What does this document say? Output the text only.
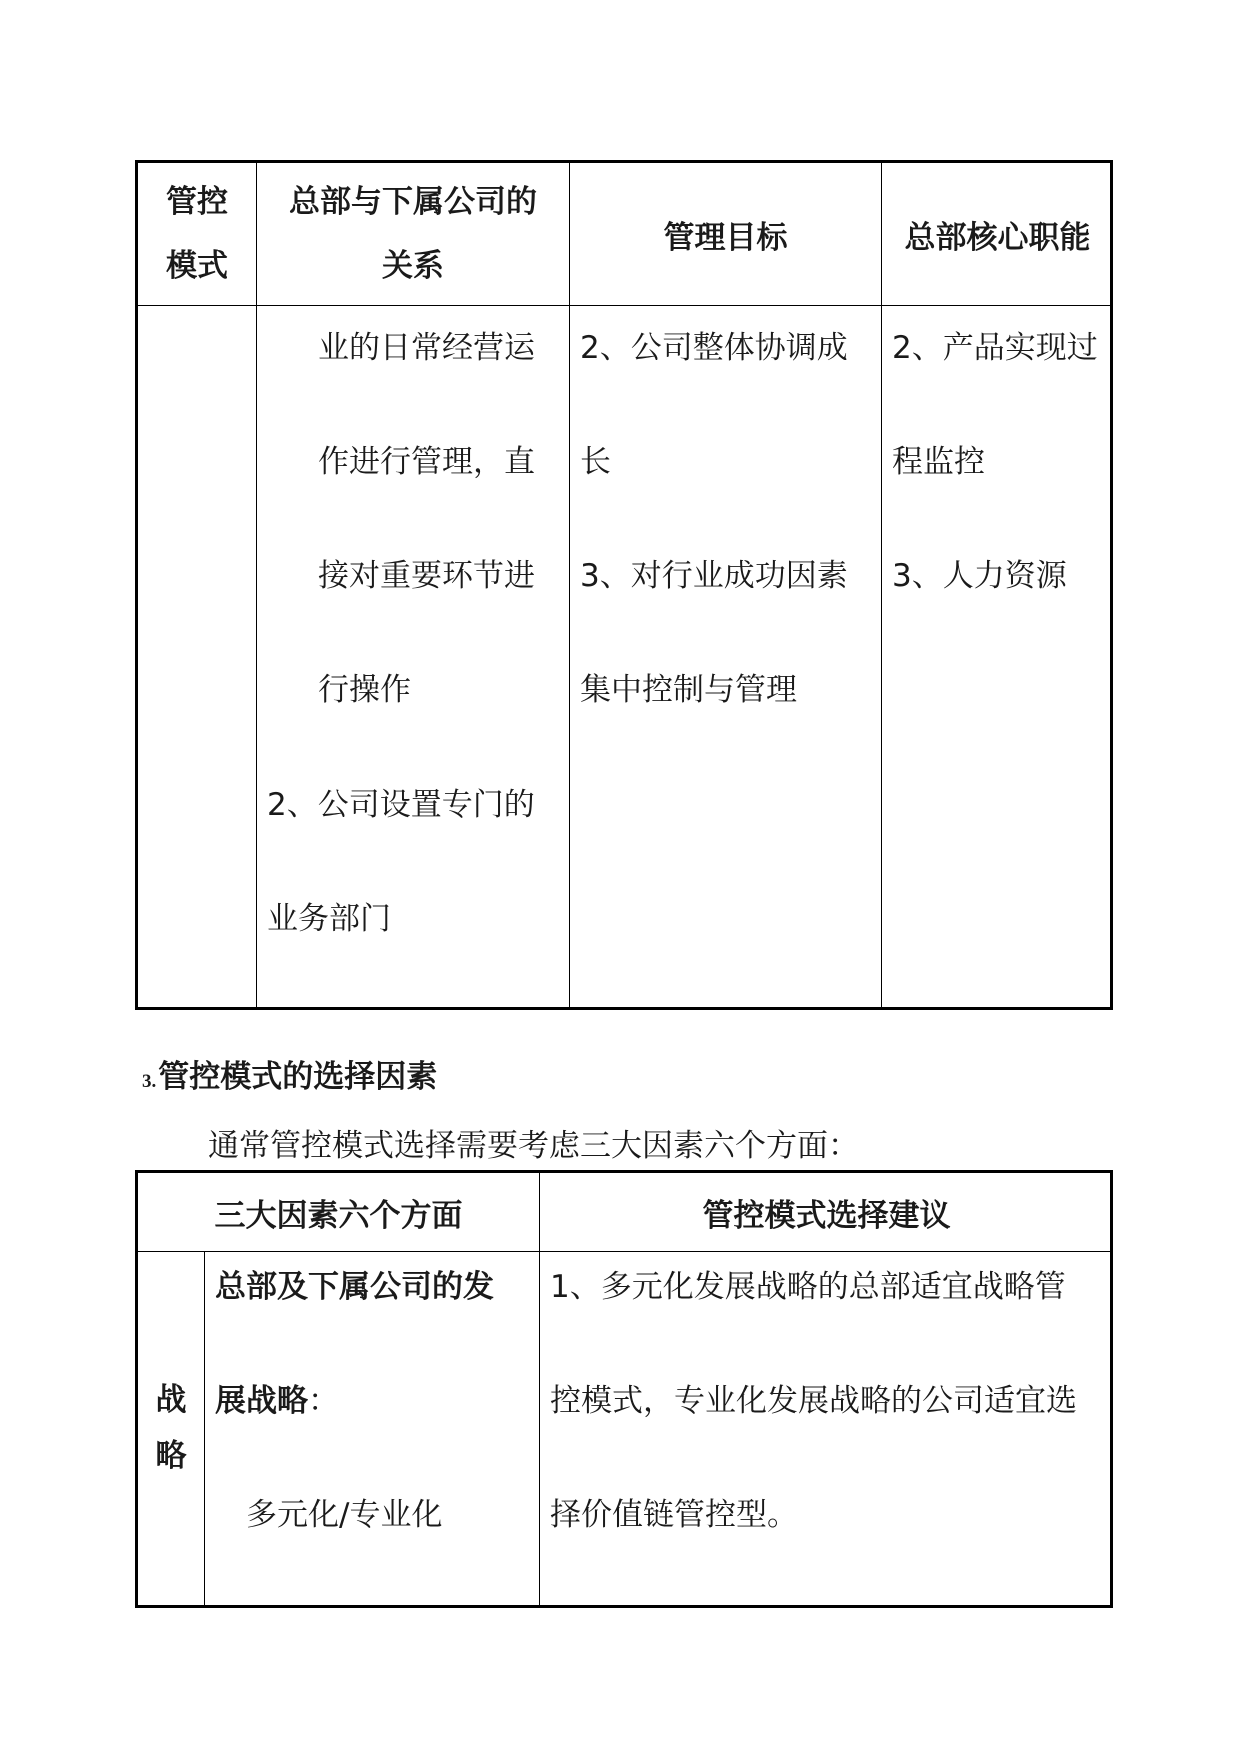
管控
模式
总部与下属公司的
关系
管理目标	总部核心职能
业的日常经营运
作进行管理，直
接对重要环节进
行操作
2、公司设置专门的
业务部门
2、公司整体协调成
长
3、对行业成功因素
集中控制与管理
2、产品实现过
程监控
3、人力资源
3.管控模式的选择因素
通常管控模式选择需要考虑三大因素六个方面：
三大因素六个方面	管控模式选择建议
战
略
总部及下属公司的发
展战略：
多元化/专业化
1、多元化发展战略的总部适宜战略管
控模式，专业化发展战略的公司适宜选
择价值链管控型。
